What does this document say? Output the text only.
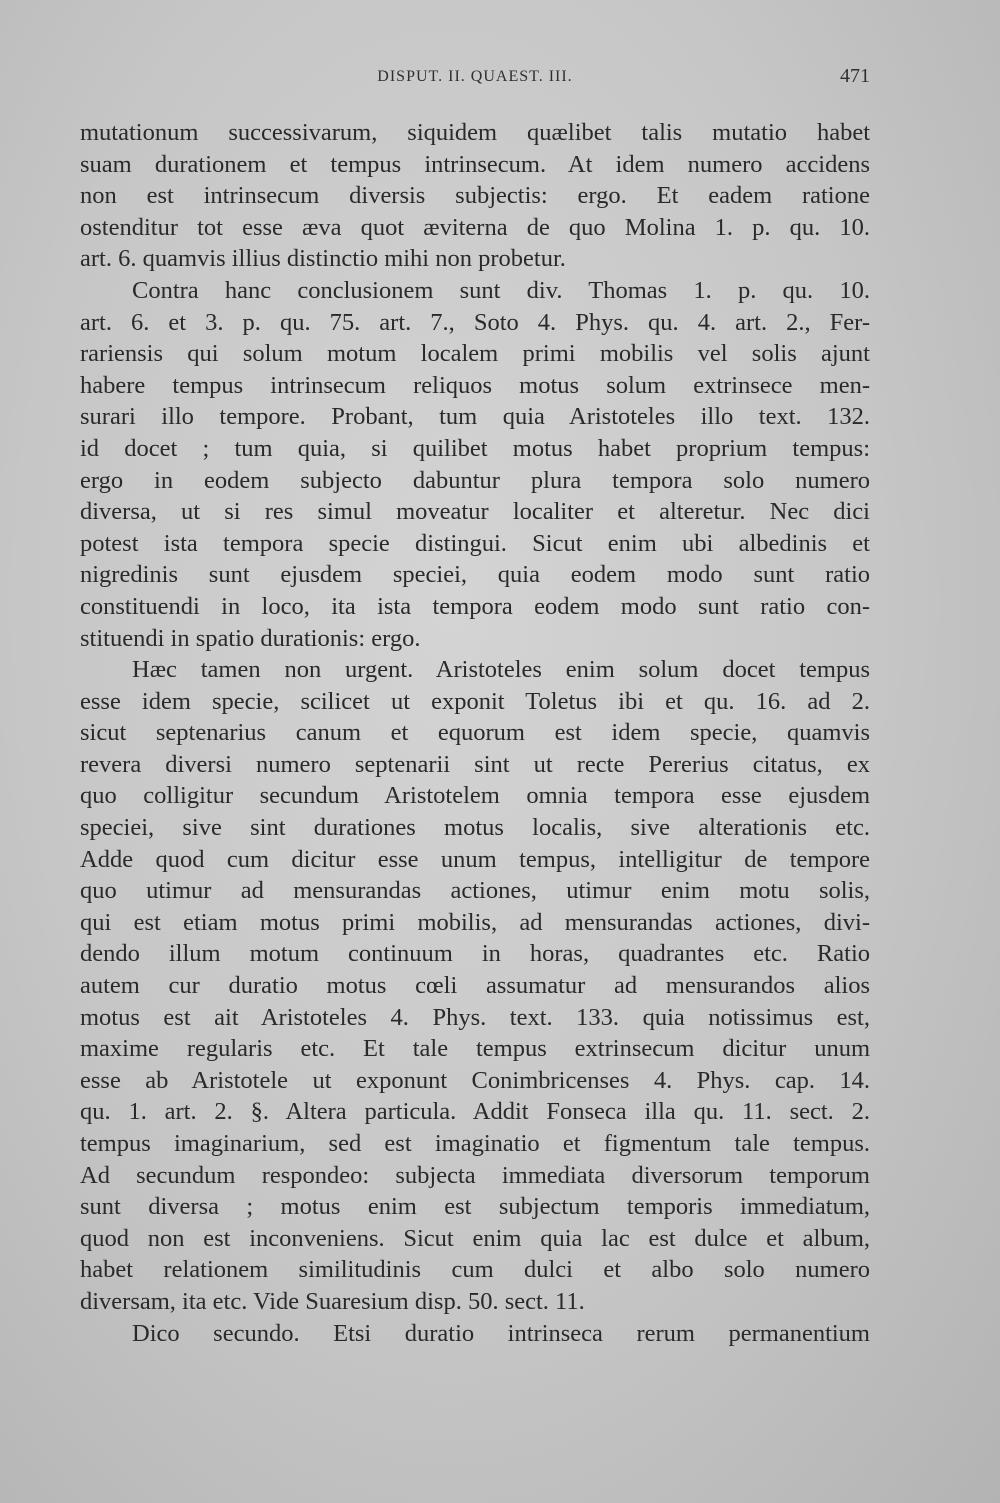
DISPUT. II. QUAEST. III.	471
mutationum successivarum, siquidem quælibet talis mutatio habet
suam durationem et tempus intrinsecum. At idem numero accidens
non est intrinsecum diversis subjectis: ergo. Et eadem ratione
ostenditur tot esse æva quot æviterna de quo Molina 1. p. qu. 10.
art. 6. quamvis illius distinctio mihi non probetur.
Contra hanc conclusionem sunt div. Thomas 1. p. qu. 10.
art. 6. et 3. p. qu. 75. art. 7., Soto 4. Phys. qu. 4. art. 2., Fer-
rariensis qui solum motum localem primi mobilis vel solis ajunt
habere tempus intrinsecum reliquos motus solum extrinsece men-
surari illo tempore. Probant, tum quia Aristoteles illo text. 132.
id docet ; tum quia, si quilibet motus habet proprium tempus:
ergo in eodem subjecto dabuntur plura tempora solo numero
diversa, ut si res simul moveatur localiter et alteretur. Nec dici
potest ista tempora specie distingui. Sicut enim ubi albedinis et
nigredinis sunt ejusdem speciei, quia eodem modo sunt ratio
constituendi in loco, ita ista tempora eodem modo sunt ratio con-
stituendi in spatio durationis: ergo.
Hæc tamen non urgent. Aristoteles enim solum docet tempus
esse idem specie, scilicet ut exponit Toletus ibi et qu. 16. ad 2.
sicut septenarius canum et equorum est idem specie, quamvis
revera diversi numero septenarii sint ut recte Pererius citatus, ex
quo colligitur secundum Aristotelem omnia tempora esse ejusdem
speciei, sive sint durationes motus localis, sive alterationis etc.
Adde quod cum dicitur esse unum tempus, intelligitur de tempore
quo utimur ad mensurandas actiones, utimur enim motu solis,
qui est etiam motus primi mobilis, ad mensurandas actiones, divi-
dendo illum motum continuum in horas, quadrantes etc. Ratio
autem cur duratio motus cœli assumatur ad mensurandos alios
motus est ait Aristoteles 4. Phys. text. 133. quia notissimus est,
maxime regularis etc. Et tale tempus extrinsecum dicitur unum
esse ab Aristotele ut exponunt Conimbricenses 4. Phys. cap. 14.
qu. 1. art. 2. §. Altera particula. Addit Fonseca illa qu. 11. sect. 2.
tempus imaginarium, sed est imaginatio et figmentum tale tempus.
Ad secundum respondeo: subjecta immediata diversorum temporum
sunt diversa ; motus enim est subjectum temporis immediatum,
quod non est inconveniens. Sicut enim quia lac est dulce et album,
habet relationem similitudinis cum dulci et albo solo numero
diversam, ita etc. Vide Suaresium disp. 50. sect. 11.
Dico secundo. Etsi duratio intrinseca rerum permanentium
